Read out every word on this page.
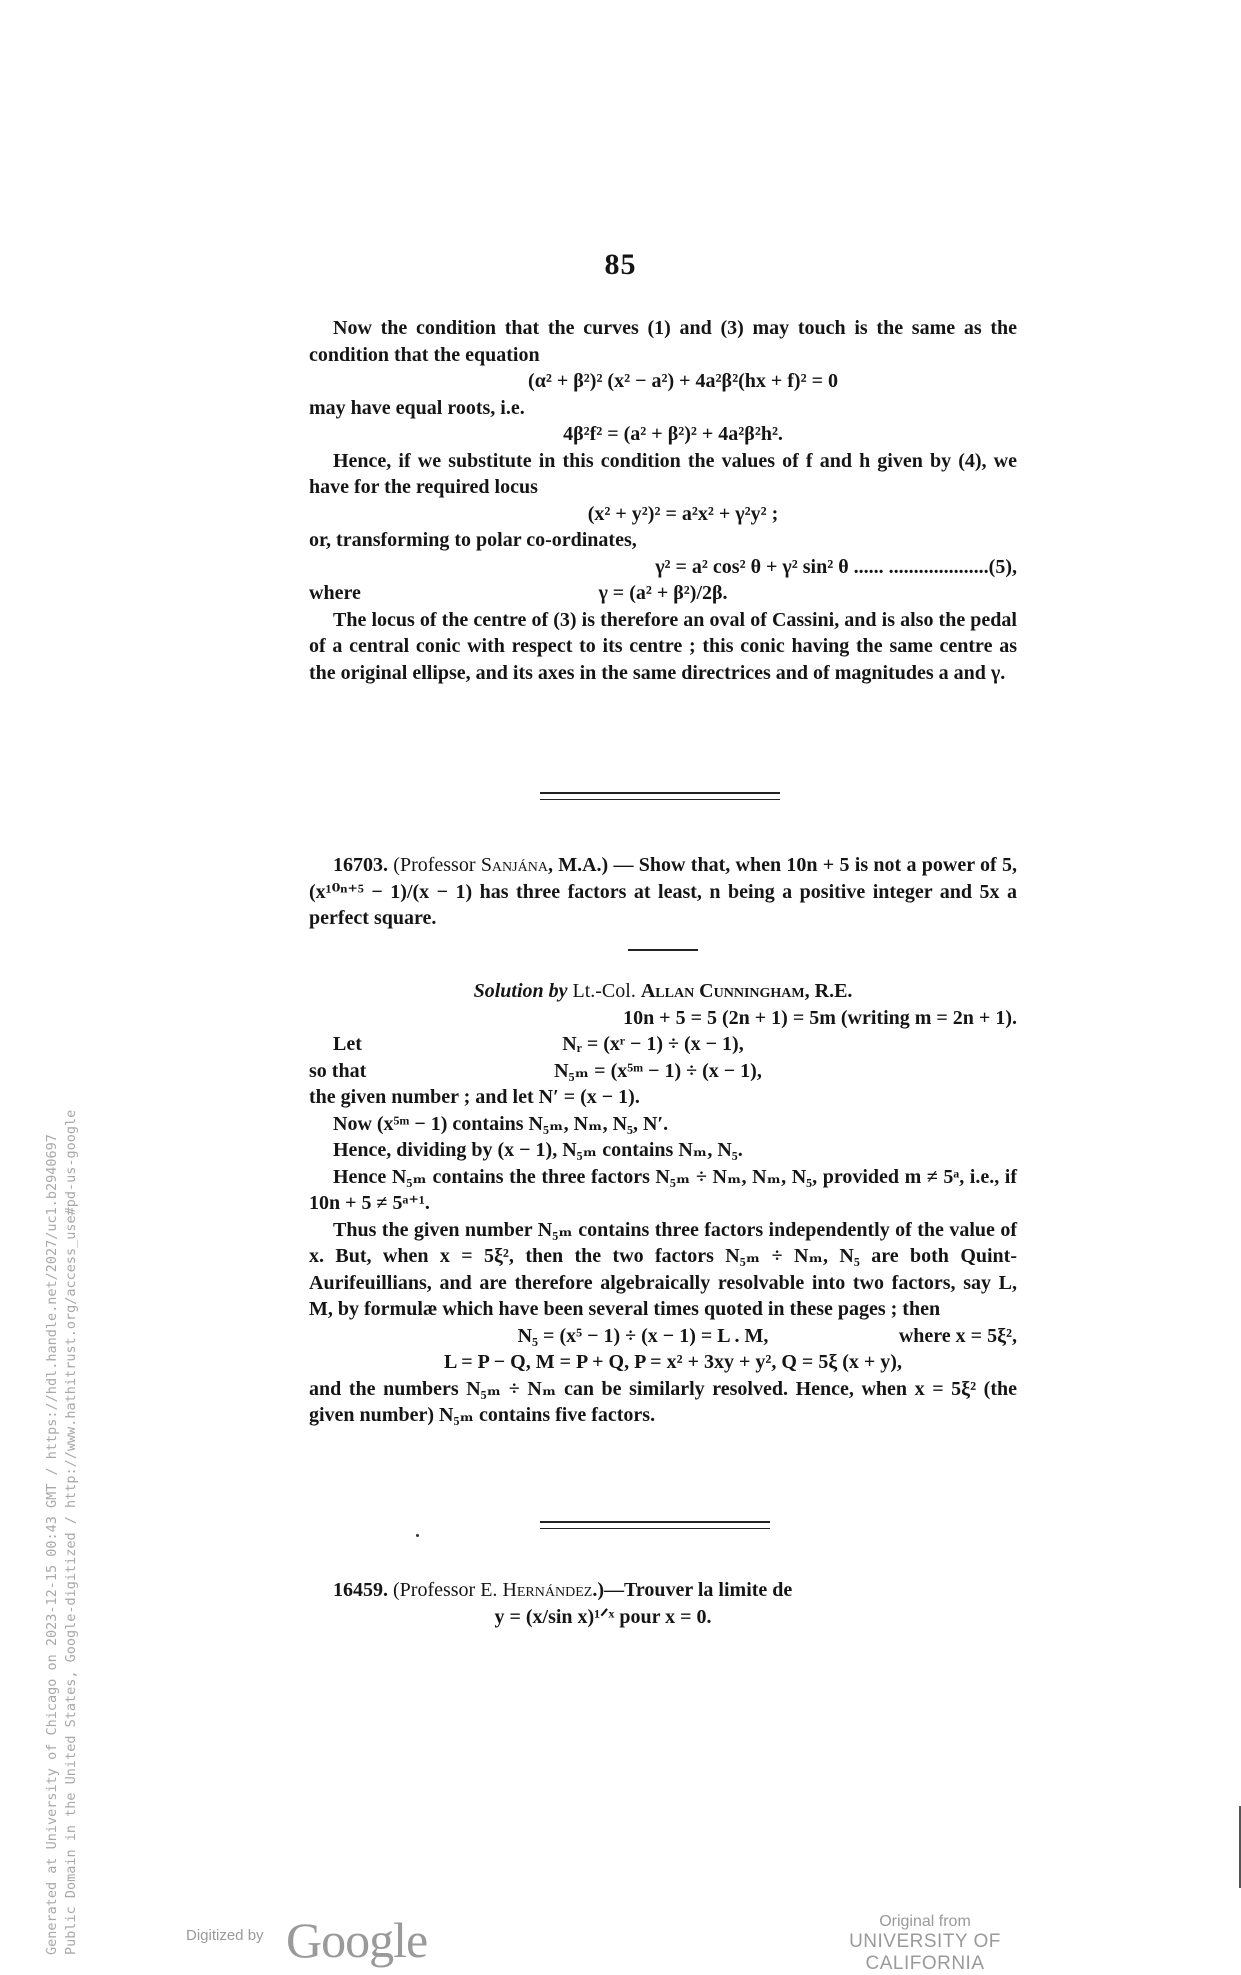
85

Now the condition that the curves (1) and (3) may touch is the same as the condition that the equation

(α² + β²)² (x² − a²) + 4a²β²(hx + f)² = 0

may have equal roots, i.e.

4β²f² = (a² + β²)² + 4a²β²h².

Hence, if we substitute in this condition the values of f and h given by (4), we have for the required locus

(x² + y²)² = a²x² + γ²y² ;

or, transforming to polar co-ordinates,

γ² = a² cos² θ + γ² sin² θ ...... ....................(5),

where	γ = (a² + β²)/2β.

The locus of the centre of (3) is therefore an oval of Cassini, and is also the pedal of a central conic with respect to its centre ; this conic having the same centre as the original ellipse, and its axes in the same directrices and of magnitudes a and γ.

16703. (Professor Sanjána, M.A.) — Show that, when 10n + 5 is not a power of 5, (x¹⁰ⁿ⁺⁵ − 1)/(x − 1) has three factors at least, n being a positive integer and 5x a perfect square.

Solution by Lt.-Col. Allan Cunningham, R.E.

10n + 5 = 5 (2n + 1) = 5m (writing m = 2n + 1).

Let	Nᵣ = (xʳ − 1) ÷ (x − 1),
so that	N₅ₘ = (x⁵ᵐ − 1) ÷ (x − 1),

the given number ; and let N′ = (x − 1).

Now (x⁵ᵐ − 1) contains N₅ₘ, Nₘ, N₅, N′.

Hence, dividing by (x − 1), N₅ₘ contains Nₘ, N₅.

Hence N₅ₘ contains the three factors N₅ₘ ÷ Nₘ, Nₘ, N₅, provided m ≠ 5ᵃ, i.e., if 10n + 5 ≠ 5ᵃ⁺¹.

Thus the given number N₅ₘ contains three factors independently of the value of x. But, when x = 5ξ², then the two factors N₅ₘ ÷ Nₘ, N₅ are both Quint-Aurifeuillians, and are therefore algebraically resolvable into two factors, say L, M, by formulæ which have been several times quoted in these pages ; then

N₅ = (x⁵ − 1) ÷ (x − 1) = L . M,	where x = 5ξ²,

L = P − Q, M = P + Q, P = x² + 3xy + y², Q = 5ξ (x + y),

and the numbers N₅ₘ ÷ Nₘ can be similarly resolved. Hence, when x = 5ξ² (the given number) N₅ₘ contains five factors.

16459. (Professor E. Hernández.)—Trouver la limite de

y = (x/sin x)¹ᐟˣ pour x = 0.

Generated at University of Chicago on 2023-12-15 00:43 GMT / https://hdl.handle.net/2027/uc1.b2940697 Public Domain in the United States, Google-digitized / http://www.hathitrust.org/access_use#pd-us-google	Digitized by Google	Original from
UNIVERSITY OF CALIFORNIA
